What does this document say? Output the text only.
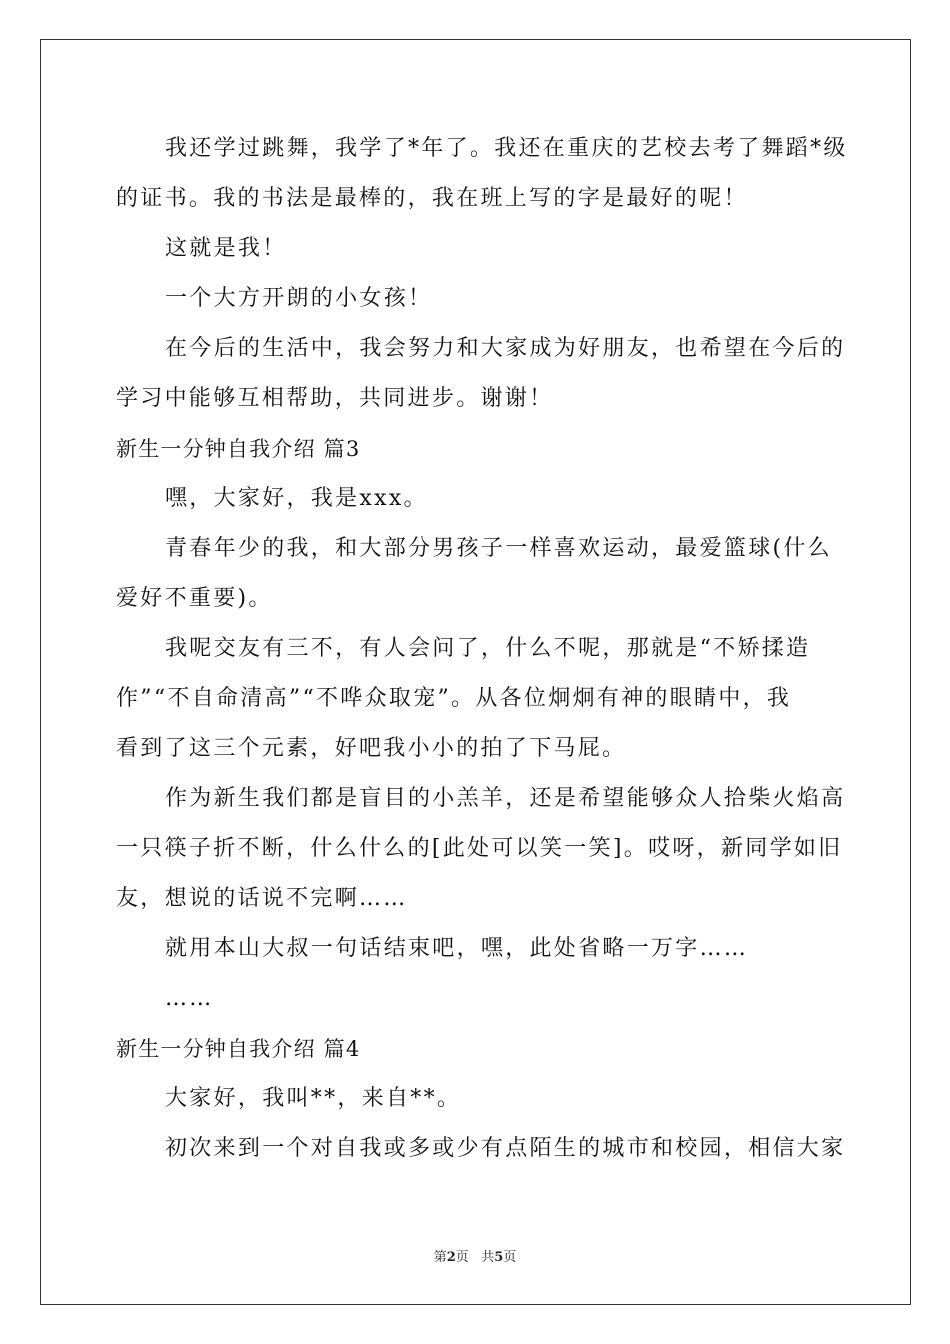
我还学过跳舞，我学了*年了。我还在重庆的艺校去考了舞蹈*级
的证书。我的书法是最棒的，我在班上写的字是最好的呢！
这就是我！
一个大方开朗的小女孩！
在今后的生活中，我会努力和大家成为好朋友，也希望在今后的
学习中能够互相帮助，共同进步。谢谢！
新生一分钟自我介绍 篇3
嘿，大家好，我是xxx。
青春年少的我，和大部分男孩子一样喜欢运动，最爱篮球(什么
爱好不重要)。
我呢交友有三不，有人会问了，什么不呢，那就是“不矫揉造
作”“不自命清高”“不哗众取宠”。从各位炯炯有神的眼睛中，我
看到了这三个元素，好吧我小小的拍了下马屁。
作为新生我们都是盲目的小羔羊，还是希望能够众人拾柴火焰高
一只筷子折不断，什么什么的[此处可以笑一笑]。哎呀，新同学如旧
友，想说的话说不完啊……
就用本山大叔一句话结束吧，嘿，此处省略一万字……
……
新生一分钟自我介绍 篇4
大家好，我叫**，来自**。
初次来到一个对自我或多或少有点陌生的城市和校园，相信大家
第2页 共5页
